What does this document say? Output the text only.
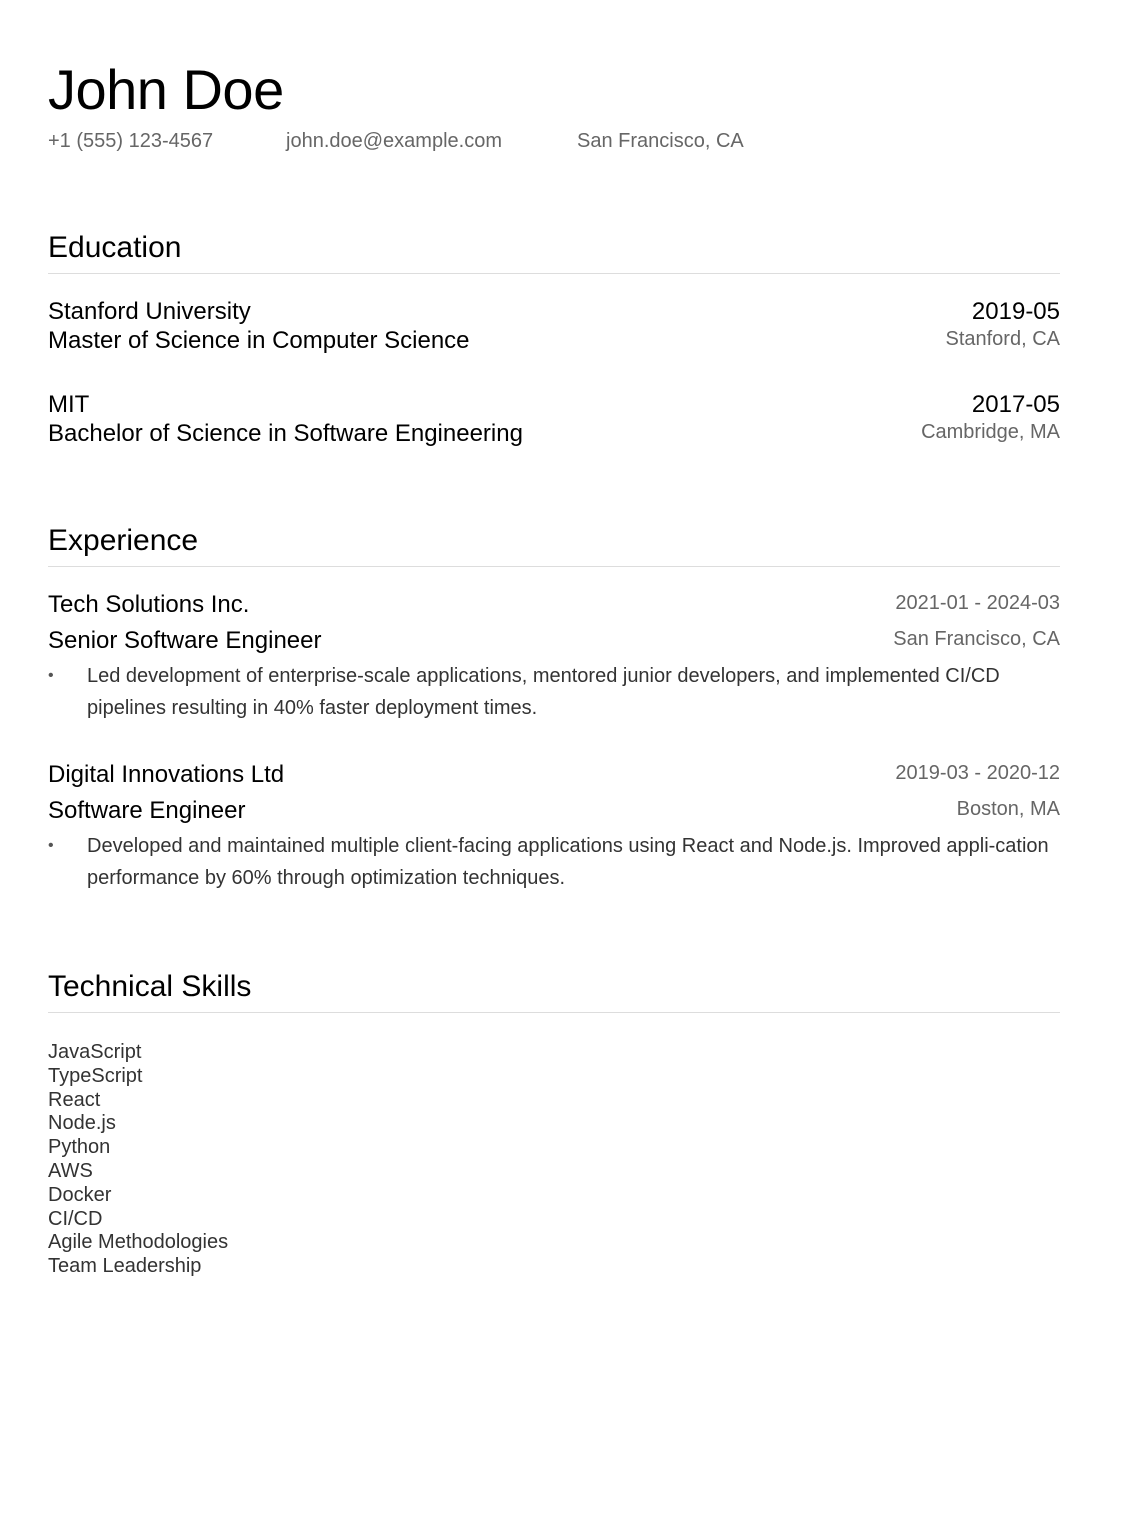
John Doe
+1 (555) 123-4567	john.doe@example.com	San Francisco, CA
Education
Stanford University	2019-05
Master of Science in Computer Science	Stanford, CA
MIT	2017-05
Bachelor of Science in Software Engineering	Cambridge, MA
Experience
Tech Solutions Inc.	2021-01 - 2024-03
Senior Software Engineer	San Francisco, CA
• Led development of enterprise-scale applications, mentored junior developers, and implemented CI/CD pipelines resulting in 40% faster deployment times.
Digital Innovations Ltd	2019-03 - 2020-12
Software Engineer	Boston, MA
• Developed and maintained multiple client-facing applications using React and Node.js. Improved appli-cation performance by 60% through optimization techniques.
Technical Skills
JavaScript
TypeScript
React
Node.js
Python
AWS
Docker
CI/CD
Agile Methodologies
Team Leadership
